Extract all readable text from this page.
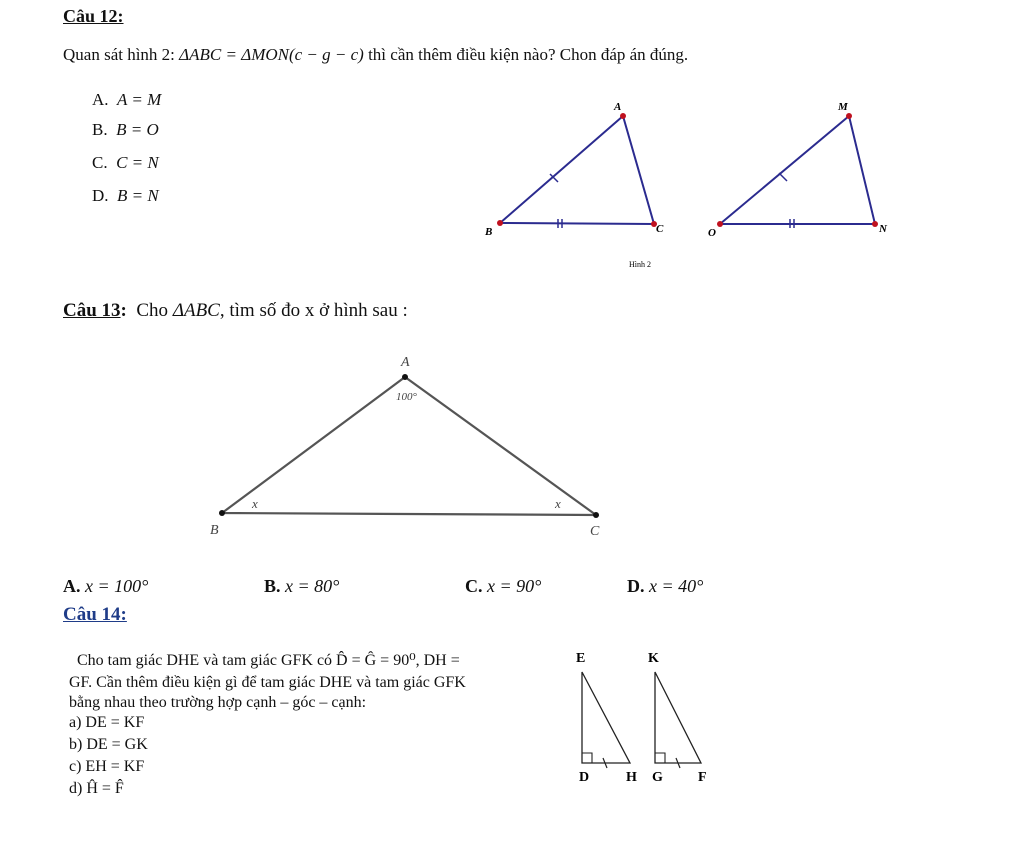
Câu 12:
Quan sát hình 2: ΔABC = ΔMON(c − g − c) thì cần thêm điều kiện nào? Chon đáp án đúng.
A. A = M
B. B = O
C. C = N
D. B = N
A
B	C
M
O	N
Hình 2
Câu 13: Cho ΔABC, tìm số đo x ở hình sau :
A
B	C
100°
x	x
A. x = 100°	B. x = 80°	C. x = 90°	D. x = 40°
Câu 14:
Cho tam giác DHE và tam giác GFK có D̂ = Ĝ = 90⁰, DH =
GF. Cần thêm điều kiện gì để tam giác DHE và tam giác GFK
bằng nhau theo trường hợp cạnh – góc – cạnh:
a) DE = KF
b) DE = GK
c) EH = KF
d) Ĥ = F̂
E
D	H
K
G	F
